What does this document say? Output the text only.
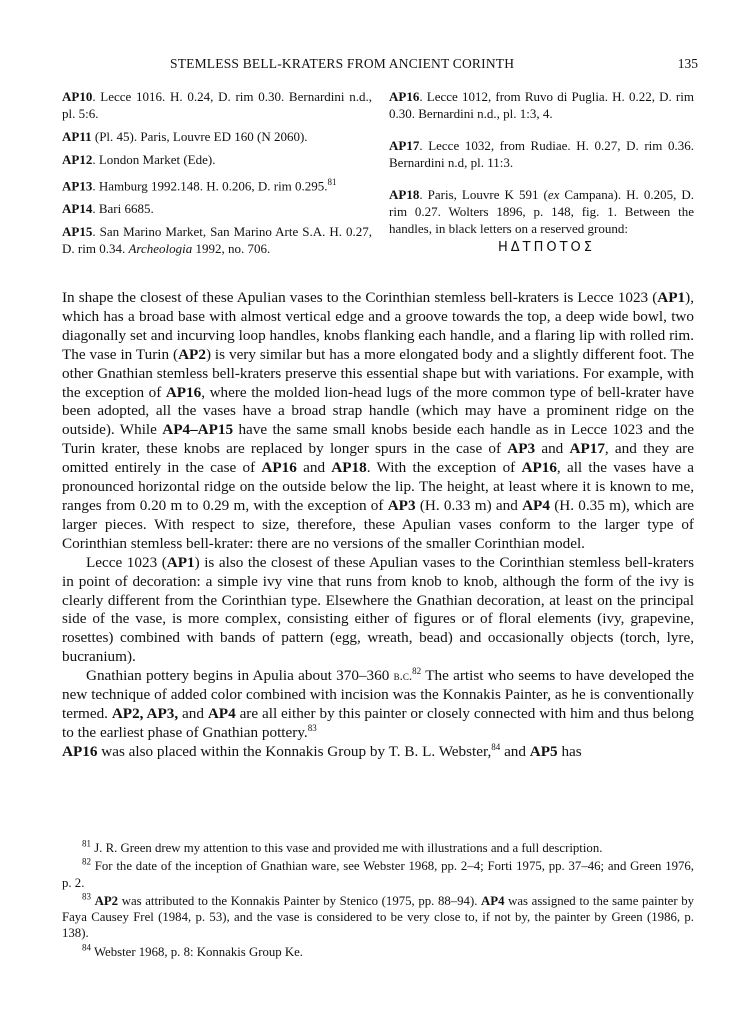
STEMLESS BELL-KRATERS FROM ANCIENT CORINTH	135
AP10. Lecce 1016. H. 0.24, D. rim 0.30. Bernardini n.d., pl. 5:6.
AP11 (Pl. 45). Paris, Louvre ED 160 (N 2060).
AP12. London Market (Ede).
AP13. Hamburg 1992.148. H. 0.206, D. rim 0.295.81
AP14. Bari 6685.
AP15. San Marino Market, San Marino Arte S.A. H. 0.27, D. rim 0.34. Archeologia 1992, no. 706.
AP16. Lecce 1012, from Ruvo di Puglia. H. 0.22, D. rim 0.30. Bernardini n.d., pl. 1:3, 4.
AP17. Lecce 1032, from Rudiae. H. 0.27, D. rim 0.36. Bernardini n.d, pl. 11:3.
AP18. Paris, Louvre K 591 (ex Campana). H. 0.205, D. rim 0.27. Wolters 1896, p. 148, fig. 1. Between the handles, in black letters on a reserved ground:
ΗΔΤΠΟΤΟΣ

In shape the closest of these Apulian vases to the Corinthian stemless bell-kraters is Lecce 1023 (AP1), which has a broad base with almost vertical edge and a groove towards the top, a deep wide bowl, two diagonally set and incurving loop handles, knobs flanking each handle, and a flaring lip with rolled rim. The vase in Turin (AP2) is very similar but has a more elongated body and a slightly different foot. The other Gnathian stemless bell-kraters preserve this essential shape but with variations. For example, with the exception of AP16, where the molded lion-head lugs of the more common type of bell-krater have been adopted, all the vases have a broad strap handle (which may have a prominent ridge on the outside). While AP4–AP15 have the same small knobs beside each handle as in Lecce 1023 and the Turin krater, these knobs are replaced by longer spurs in the case of AP3 and AP17, and they are omitted entirely in the case of AP16 and AP18. With the exception of AP16, all the vases have a pronounced horizontal ridge on the outside below the lip. The height, at least where it is known to me, ranges from 0.20 m to 0.29 m, with the exception of AP3 (H. 0.33 m) and AP4 (H. 0.35 m), which are larger pieces. With respect to size, therefore, these Apulian vases conform to the larger type of Corinthian stemless bell-krater: there are no versions of the smaller Corinthian model.

Lecce 1023 (AP1) is also the closest of these Apulian vases to the Corinthian stemless bell-kraters in point of decoration: a simple ivy vine that runs from knob to knob, although the form of the ivy is clearly different from the Corinthian type. Elsewhere the Gnathian decoration, at least on the principal side of the vase, is more complex, consisting either of figures or of floral elements (ivy, grapevine, rosettes) combined with bands of pattern (egg, wreath, bead) and occasionally objects (torch, lyre, bucranium).

Gnathian pottery begins in Apulia about 370–360 b.c.$^{82}$ The artist who seems to have developed the new technique of added color combined with incision was the Konnakis Painter, as he is conventionally termed. AP2, AP3, and AP4 are all either by this painter or closely connected with him and thus belong to the earliest phase of Gnathian pottery.$^{83}$
AP16 was also placed within the Konnakis Group by T. B. L. Webster,$^{84}$ and AP5 has

$^{81}$ J. R. Green drew my attention to this vase and provided me with illustrations and a full description.

$^{82}$ For the date of the inception of Gnathian ware, see Webster 1968, pp. 2–4; Forti 1975, pp. 37–46; and Green 1976, p. 2.

$^{83}$ AP2 was attributed to the Konnakis Painter by Stenico (1975, pp. 88–94). AP4 was assigned to the same painter by Faya Causey Frel (1984, p. 53), and the vase is considered to be very close to, if not by, the painter by Green (1986, p. 138).

$^{84}$ Webster 1968, p. 8: Konnakis Group Ke.
